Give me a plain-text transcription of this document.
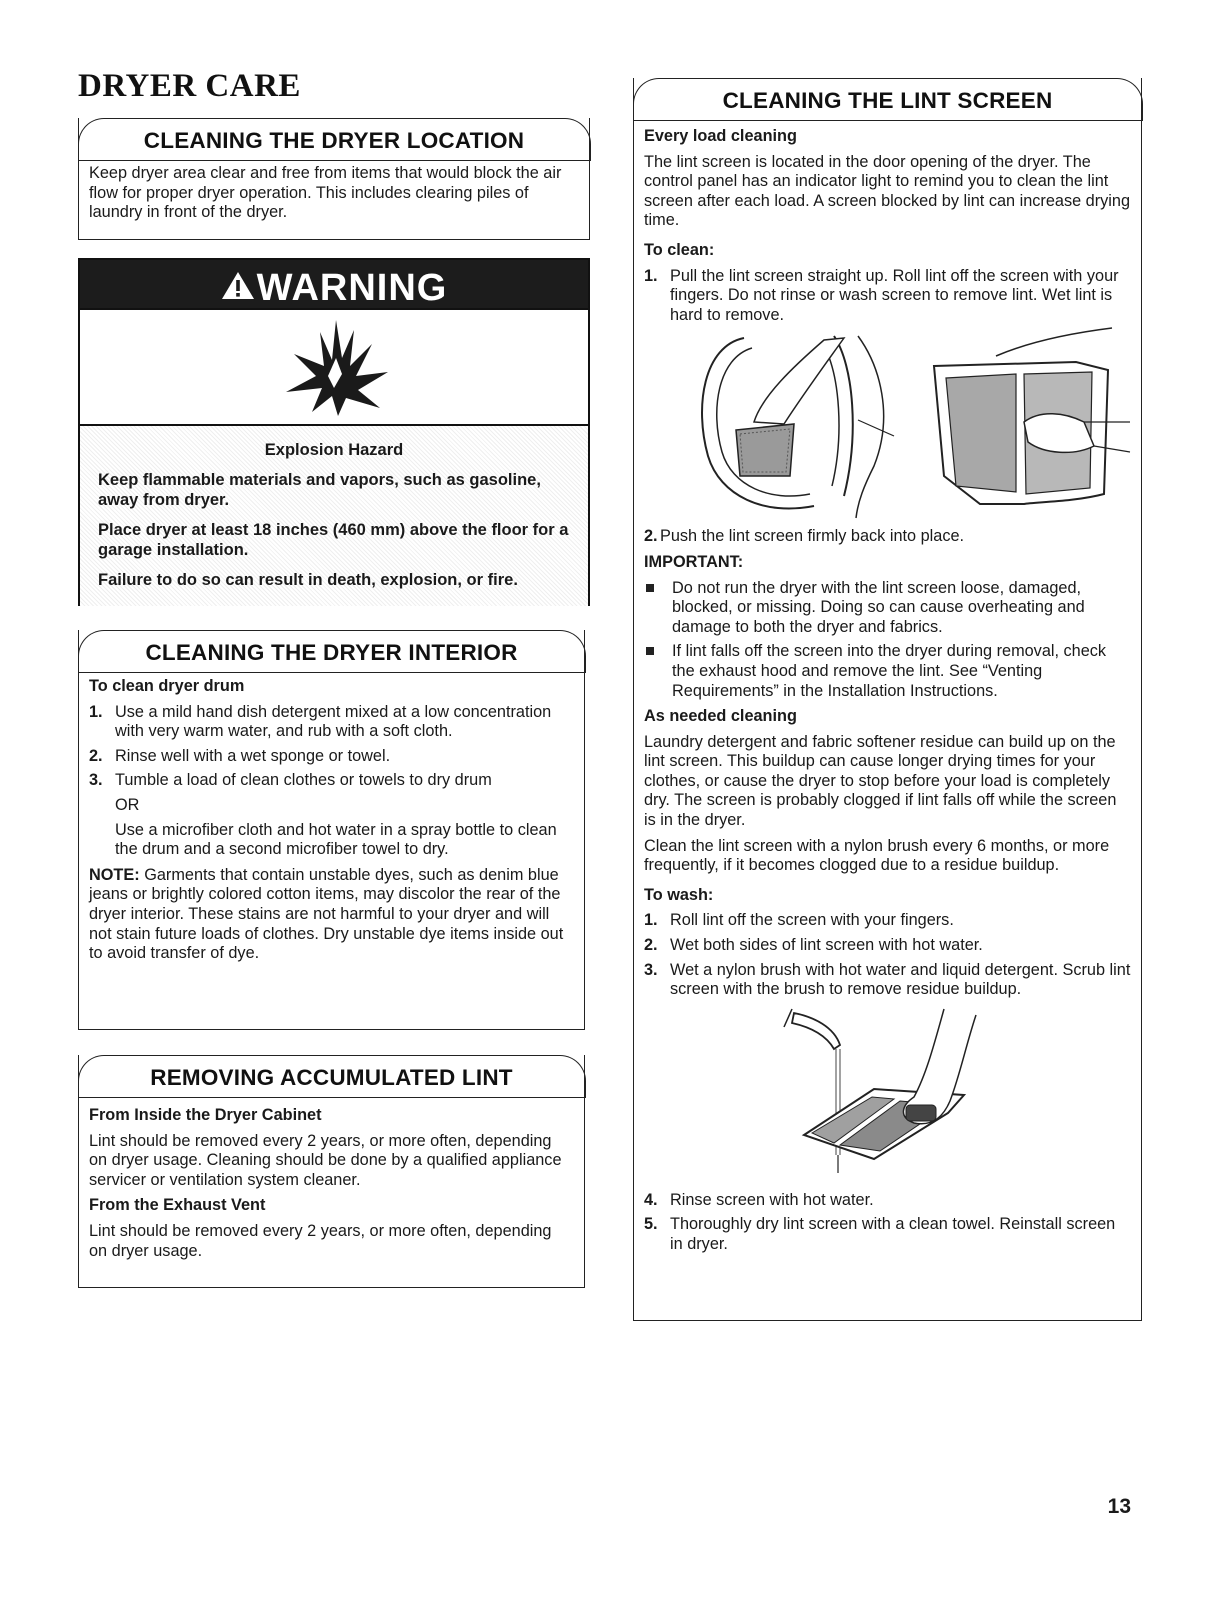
DRYER CARE
CLEANING THE DRYER LOCATION

Keep dryer area clear and free from items that would block the air flow for proper dryer operation. This includes clearing piles of laundry in front of the dryer.

WARNING

Explosion Hazard

Keep flammable materials and vapors, such as gasoline, away from dryer.

Place dryer at least 18 inches (460 mm) above the floor for a garage installation.

Failure to do so can result in death, explosion, or fire.

CLEANING THE DRYER INTERIOR

To clean dryer drum

1. Use a mild hand dish detergent mixed at a low concentration with very warm water, and rub with a soft cloth.
2. Rinse well with a wet sponge or towel.
3. Tumble a load of clean clothes or towels to dry drum
OR
Use a microfiber cloth and hot water in a spray bottle to clean the drum and a second microfiber towel to dry.

NOTE: Garments that contain unstable dyes, such as denim blue jeans or brightly colored cotton items, may discolor the rear of the dryer interior. These stains are not harmful to your dryer and will not stain future loads of clothes. Dry unstable dye items inside out to avoid transfer of dye.

REMOVING ACCUMULATED LINT

From Inside the Dryer Cabinet

Lint should be removed every 2 years, or more often, depending on dryer usage. Cleaning should be done by a qualified appliance servicer or ventilation system cleaner.

From the Exhaust Vent

Lint should be removed every 2 years, or more often, depending on dryer usage.

CLEANING THE LINT SCREEN

Every load cleaning

The lint screen is located in the door opening of the dryer. The control panel has an indicator light to remind you to clean the lint screen after each load. A screen blocked by lint can increase drying time.

To clean:

1. Pull the lint screen straight up. Roll lint off the screen with your fingers. Do not rinse or wash screen to remove lint. Wet lint is hard to remove.
2. Push the lint screen firmly back into place.

IMPORTANT:

Do not run the dryer with the lint screen loose, damaged, blocked, or missing. Doing so can cause overheating and damage to both the dryer and fabrics.
If lint falls off the screen into the dryer during removal, check the exhaust hood and remove the lint. See “Venting Requirements” in the Installation Instructions.

As needed cleaning

Laundry detergent and fabric softener residue can build up on the lint screen. This buildup can cause longer drying times for your clothes, or cause the dryer to stop before your load is completely dry. The screen is probably clogged if lint falls off while the screen is in the dryer.

Clean the lint screen with a nylon brush every 6 months, or more frequently, if it becomes clogged due to a residue buildup.

To wash:

1. Roll lint off the screen with your fingers.
2. Wet both sides of lint screen with hot water.
3. Wet a nylon brush with hot water and liquid detergent. Scrub lint screen with the brush to remove residue buildup.
4. Rinse screen with hot water.
5. Thoroughly dry lint screen with a clean towel. Reinstall screen in dryer.
13
